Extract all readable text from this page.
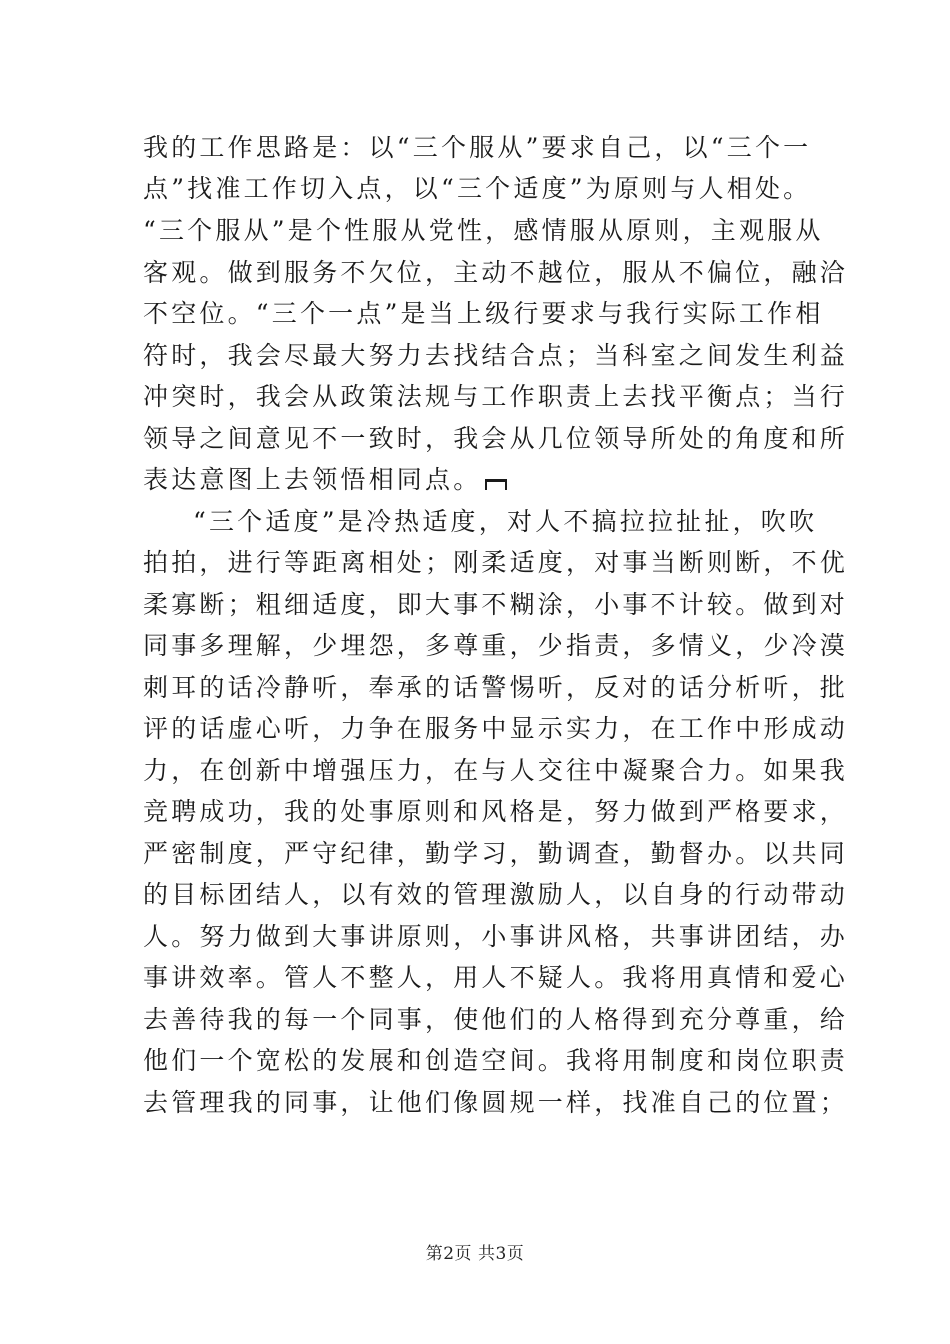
我的工作思路是：以“三个服从”要求自己，以“三个一
点”找准工作切入点，以“三个适度”为原则与人相处。
“三个服从”是个性服从党性，感情服从原则，主观服从
客观。做到服务不欠位，主动不越位，服从不偏位，融洽
不空位。“三个一点”是当上级行要求与我行实际工作相
符时，我会尽最大努力去找结合点；当科室之间发生利益
冲突时，我会从政策法规与工作职责上去找平衡点；当行
领导之间意见不一致时，我会从几位领导所处的角度和所
表达意图上去领悟相同点。
“三个适度”是冷热适度，对人不搞拉拉扯扯，吹吹
拍拍，进行等距离相处；刚柔适度，对事当断则断，不优
柔寡断；粗细适度，即大事不糊涂，小事不计较。做到对
同事多理解，少埋怨，多尊重，少指责，多情义，少冷漠
刺耳的话冷静听，奉承的话警惕听，反对的话分析听，批
评的话虚心听，力争在服务中显示实力，在工作中形成动
力，在创新中增强压力，在与人交往中凝聚合力。如果我
竞聘成功，我的处事原则和风格是，努力做到严格要求，
严密制度，严守纪律，勤学习，勤调查，勤督办。以共同
的目标团结人，以有效的管理激励人，以自身的行动带动
人。努力做到大事讲原则，小事讲风格，共事讲团结，办
事讲效率。管人不整人，用人不疑人。我将用真情和爱心
去善待我的每一个同事，使他们的人格得到充分尊重，给
他们一个宽松的发展和创造空间。我将用制度和岗位职责
去管理我的同事，让他们像圆规一样，找准自己的位置；
第2页 共3页
